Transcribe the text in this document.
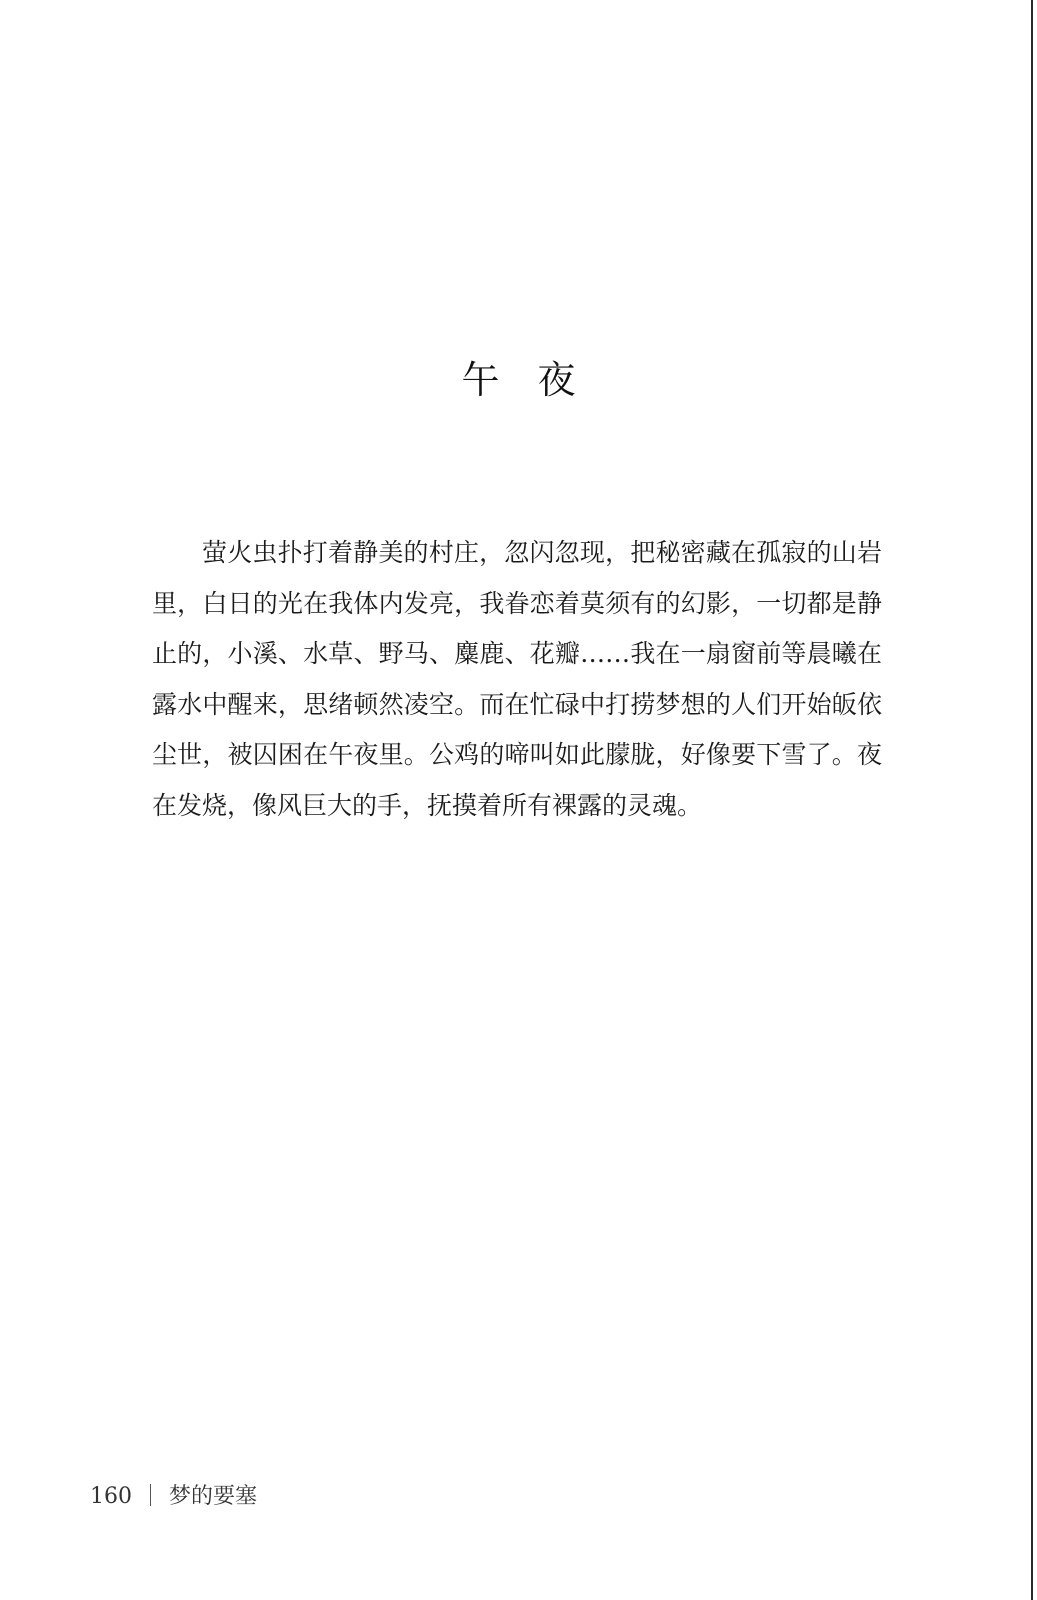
午夜

萤火虫扑打着静美的村庄，忽闪忽现，把秘密藏在孤寂的山岩里，白日的光在我体内发亮，我眷恋着莫须有的幻影，一切都是静止的，小溪、水草、野马、麋鹿、花瓣……我在一扇窗前等晨曦在露水中醒来，思绪顿然凌空。而在忙碌中打捞梦想的人们开始皈依尘世，被囚困在午夜里。公鸡的啼叫如此朦胧，好像要下雪了。夜在发烧，像风巨大的手，抚摸着所有裸露的灵魂。

160 梦的要塞
